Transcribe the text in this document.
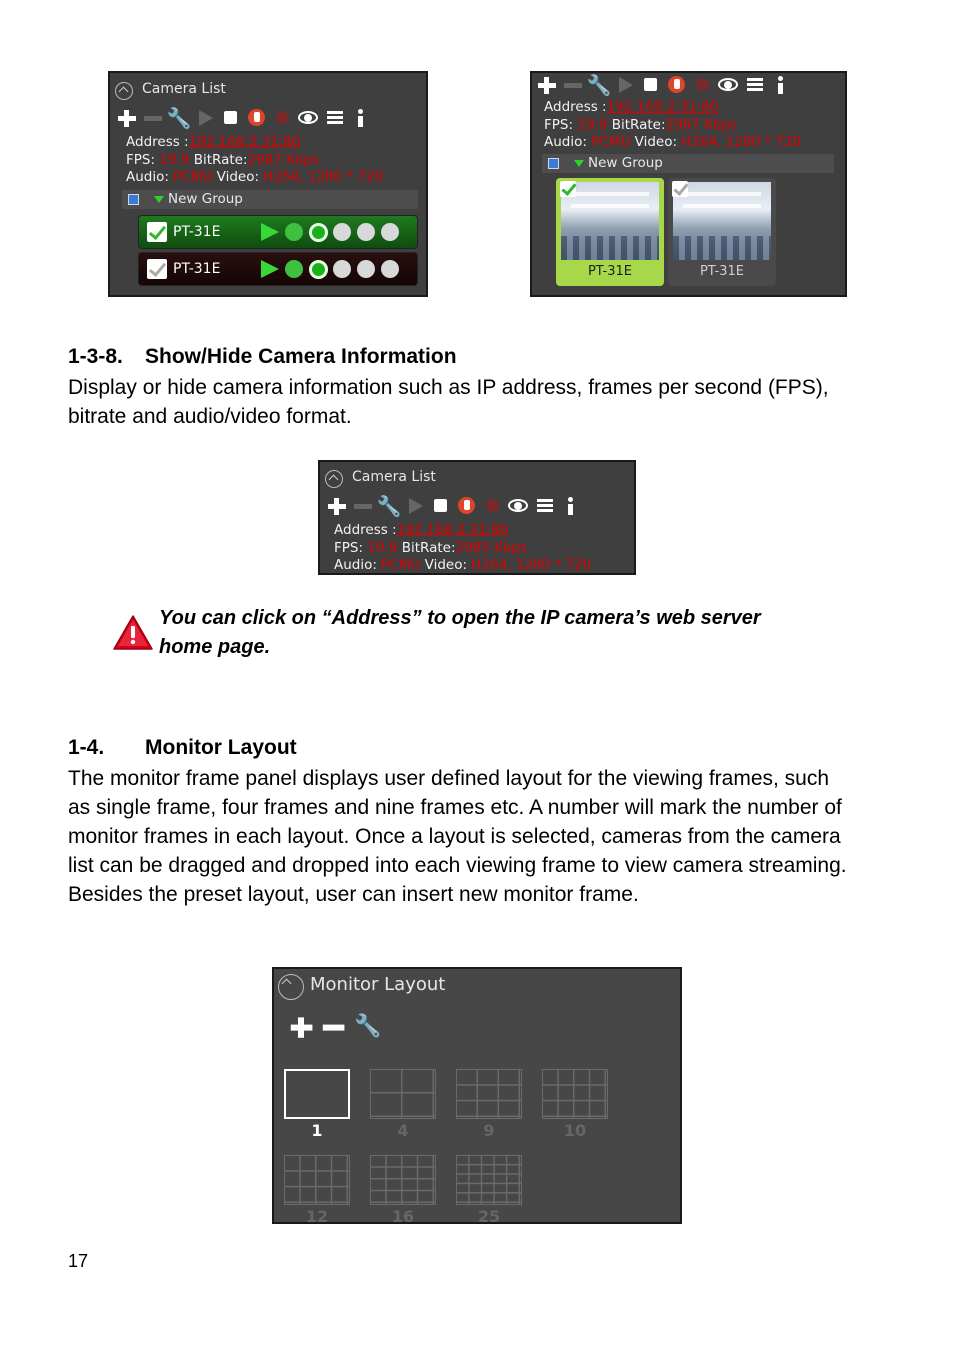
Camera List
🔧
Address :192.168.2.31:80
FPS: 19.9 BitRate:2987 Kbps
Audio: PCMU Video: H264, 1280 * 720
New Group
PT-31E
PT-31E
🔧
Address :192.168.2.31:80
FPS: 19.9 BitRate:2987 Kbps
Audio: PCMU Video: H264, 1280 * 720
New Group
PT-31E	PT-31E
1-3-8. Show/Hide Camera Information
Display or hide camera information such as IP address, frames per second (FPS), bitrate and audio/video format.
Camera List
🔧
Address :192.168.2.31:80
FPS: 19.9 BitRate:2985 Kbps
Audio: PCMU Video: H264, 1280 * 720
You can click on “Address” to open the IP camera’s web server home page.
1-4. Monitor Layout
The monitor frame panel displays user defined layout for the viewing frames, such as single frame, four frames and nine frames etc. A number will mark the number of monitor frames in each layout. Once a layout is selected, cameras from the camera list can be dragged and dropped into each viewing frame to view camera streaming. Besides the preset layout, user can insert new monitor frame.
Monitor Layout
🔧
1	4	9	10
12	16	25
17
